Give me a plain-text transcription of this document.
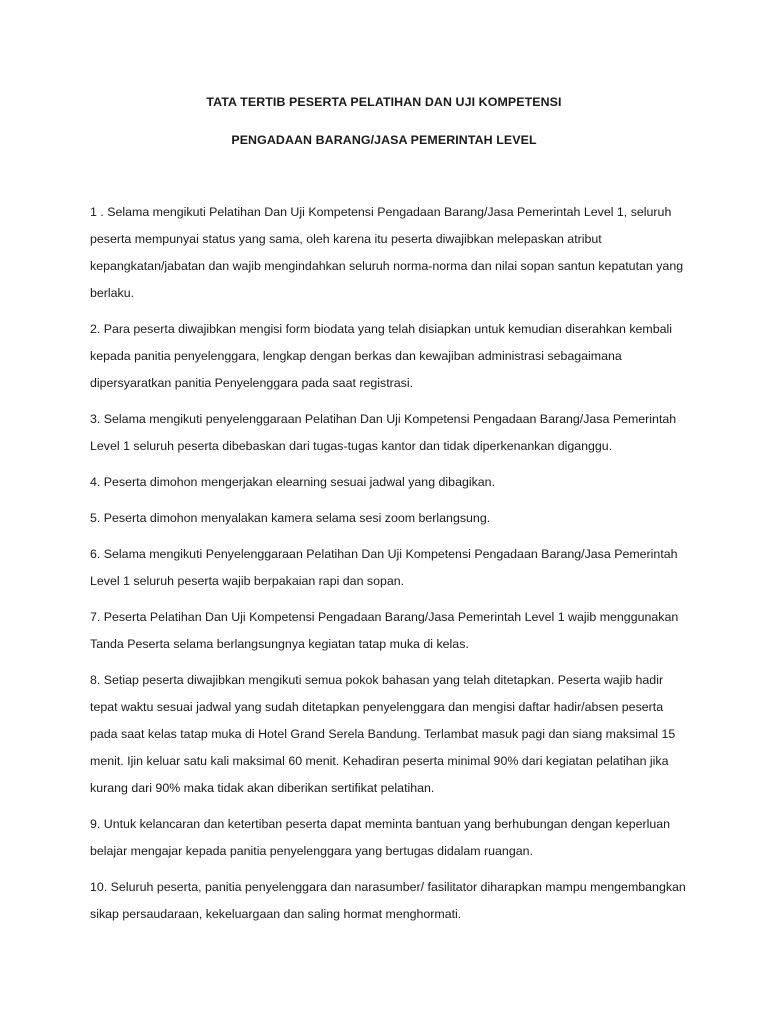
TATA TERTIB PESERTA PELATIHAN DAN UJI KOMPETENSI
PENGADAAN BARANG/JASA PEMERINTAH LEVEL
1 . Selama mengikuti Pelatihan Dan Uji Kompetensi Pengadaan Barang/Jasa Pemerintah Level 1, seluruh peserta mempunyai status yang sama, oleh karena itu peserta diwajibkan melepaskan atribut kepangkatan/jabatan dan wajib mengindahkan seluruh norma-norma dan nilai sopan santun kepatutan yang berlaku.
2. Para peserta diwajibkan mengisi form biodata yang telah disiapkan untuk kemudian diserahkan kembali kepada panitia penyelenggara, lengkap dengan berkas dan kewajiban administrasi sebagaimana dipersyaratkan panitia Penyelenggara pada saat registrasi.
3. Selama mengikuti penyelenggaraan Pelatihan Dan Uji Kompetensi Pengadaan Barang/Jasa Pemerintah Level 1 seluruh peserta dibebaskan dari tugas-tugas kantor dan tidak diperkenankan diganggu.
4. Peserta dimohon mengerjakan elearning sesuai jadwal yang dibagikan.
5. Peserta dimohon menyalakan kamera selama sesi zoom berlangsung.
6. Selama mengikuti Penyelenggaraan Pelatihan Dan Uji Kompetensi Pengadaan Barang/Jasa Pemerintah Level 1 seluruh peserta wajib berpakaian rapi dan sopan.
7. Peserta Pelatihan Dan Uji Kompetensi Pengadaan Barang/Jasa Pemerintah Level 1 wajib menggunakan Tanda Peserta selama berlangsungnya kegiatan tatap muka di kelas.
8. Setiap peserta diwajibkan mengikuti semua pokok bahasan yang telah ditetapkan. Peserta wajib hadir tepat waktu sesuai jadwal yang sudah ditetapkan penyelenggara dan mengisi daftar hadir/absen peserta pada saat kelas tatap muka di Hotel Grand Serela Bandung. Terlambat masuk pagi dan siang maksimal 15 menit. Ijin keluar satu kali maksimal 60 menit. Kehadiran peserta minimal 90% dari kegiatan pelatihan jika kurang dari 90% maka tidak akan diberikan sertifikat pelatihan.
9. Untuk kelancaran dan ketertiban peserta dapat meminta bantuan yang berhubungan dengan keperluan belajar mengajar kepada panitia penyelenggara yang bertugas didalam ruangan.
10. Seluruh peserta, panitia penyelenggara dan narasumber/ fasilitator diharapkan mampu mengembangkan sikap persaudaraan, kekeluargaan dan saling hormat menghormati.
